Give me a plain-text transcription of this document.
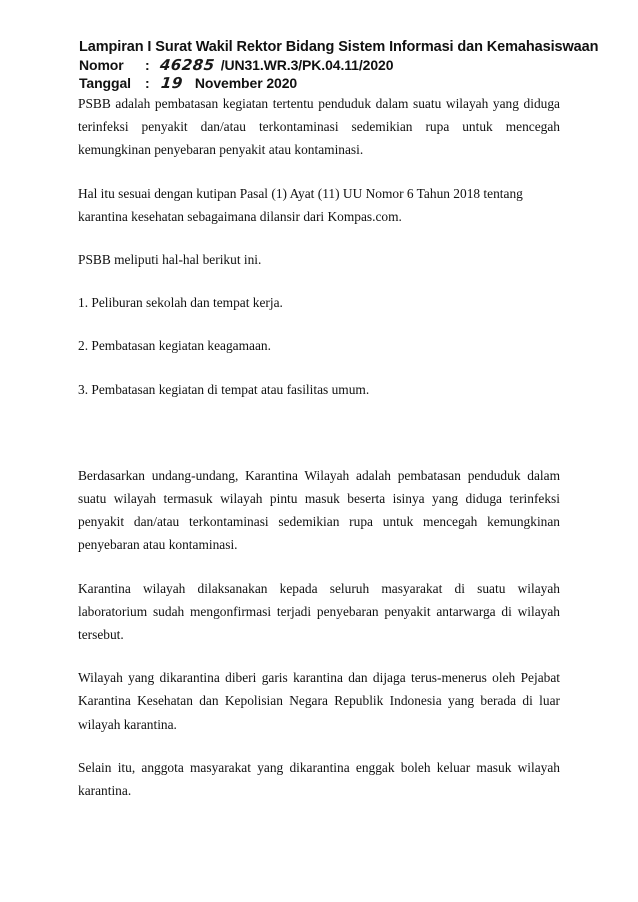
Lampiran I Surat Wakil Rektor Bidang Sistem Informasi dan Kemahasiswaan
Nomor	: 46285 /UN31.WR.3/PK.04.11/2020
Tanggal	: 19 November 2020

PSBB adalah pembatasan kegiatan tertentu penduduk dalam suatu wilayah yang diduga terinfeksi penyakit dan/atau terkontaminasi sedemikian rupa untuk mencegah kemungkinan penyebaran penyakit atau kontaminasi.

Hal itu sesuai dengan kutipan Pasal (1) Ayat (11) UU Nomor 6 Tahun 2018 tentang karantina kesehatan sebagaimana dilansir dari Kompas.com.

PSBB meliputi hal-hal berikut ini.

1. Peliburan sekolah dan tempat kerja.

2. Pembatasan kegiatan keagamaan.

3. Pembatasan kegiatan di tempat atau fasilitas umum.

Berdasarkan undang-undang, Karantina Wilayah adalah pembatasan penduduk dalam suatu wilayah termasuk wilayah pintu masuk beserta isinya yang diduga terinfeksi penyakit dan/atau terkontaminasi sedemikian rupa untuk mencegah kemungkinan penyebaran atau kontaminasi.

Karantina wilayah dilaksanakan kepada seluruh masyarakat di suatu wilayah laboratorium sudah mengonfirmasi terjadi penyebaran penyakit antarwarga di wilayah tersebut.

Wilayah yang dikarantina diberi garis karantina dan dijaga terus-menerus oleh Pejabat Karantina Kesehatan dan Kepolisian Negara Republik Indonesia yang berada di luar wilayah karantina.

Selain itu, anggota masyarakat yang dikarantina enggak boleh keluar masuk wilayah karantina.
